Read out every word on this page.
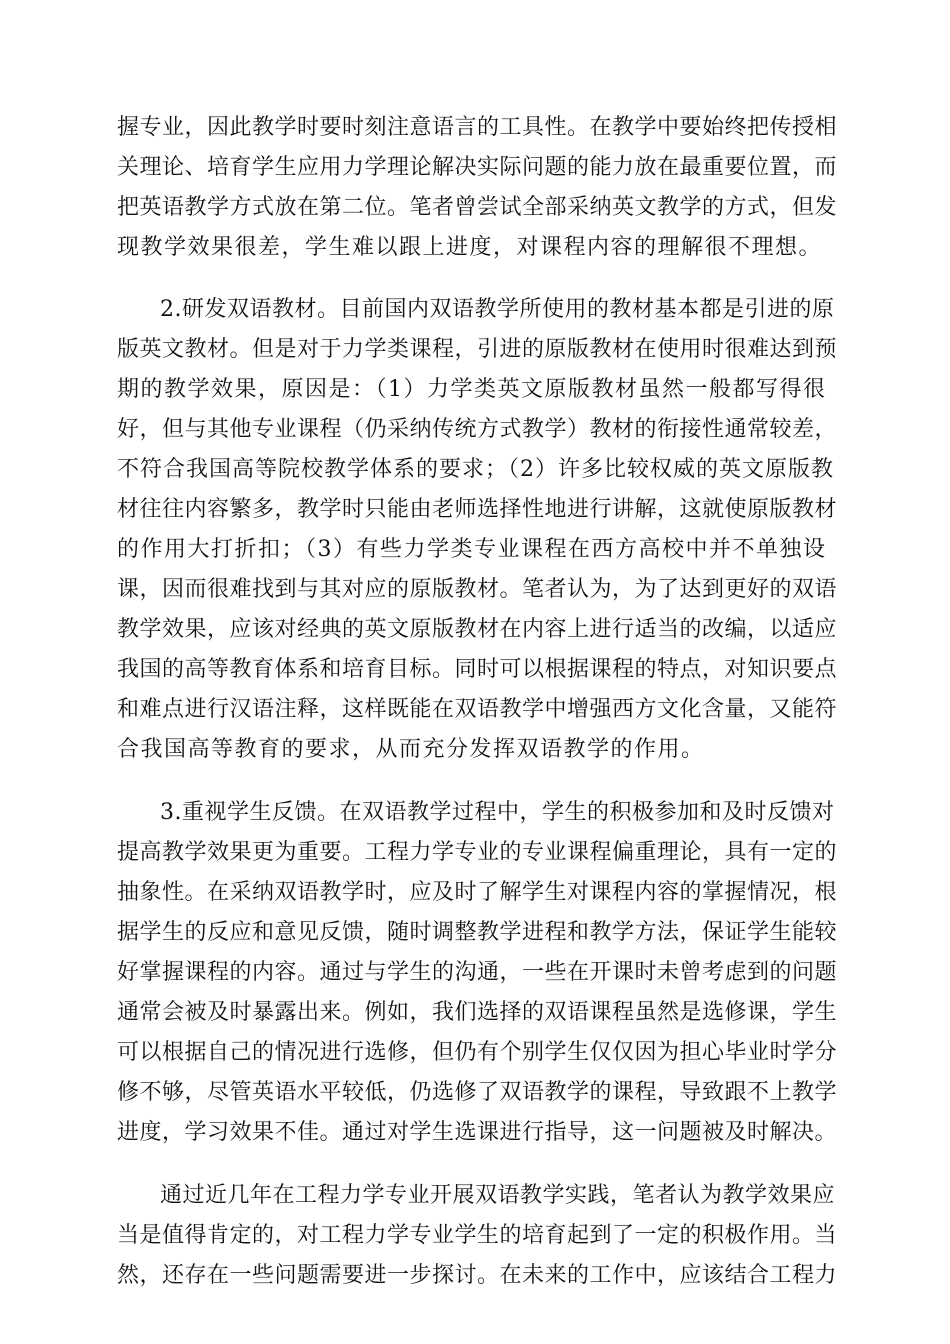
握专业，因此教学时要时刻注意语言的工具性。在教学中要始终把传授相
关理论、培育学生应用力学理论解决实际问题的能力放在最重要位置，而
把英语教学方式放在第二位。笔者曾尝试全部采纳英文教学的方式，但发
现教学效果很差，学生难以跟上进度，对课程内容的理解很不理想。
2.研发双语教材。目前国内双语教学所使用的教材基本都是引进的原
版英文教材。但是对于力学类课程，引进的原版教材在使用时很难达到预
期的教学效果，原因是：（1）力学类英文原版教材虽然一般都写得很
好，但与其他专业课程（仍采纳传统方式教学）教材的衔接性通常较差，
不符合我国高等院校教学体系的要求；（2）许多比较权威的英文原版教
材往往内容繁多，教学时只能由老师选择性地进行讲解，这就使原版教材
的作用大打折扣；（3）有些力学类专业课程在西方高校中并不单独设
课，因而很难找到与其对应的原版教材。笔者认为，为了达到更好的双语
教学效果，应该对经典的英文原版教材在内容上进行适当的改编，以适应
我国的高等教育体系和培育目标。同时可以根据课程的特点，对知识要点
和难点进行汉语注释，这样既能在双语教学中增强西方文化含量，又能符
合我国高等教育的要求，从而充分发挥双语教学的作用。
3.重视学生反馈。在双语教学过程中，学生的积极参加和及时反馈对
提高教学效果更为重要。工程力学专业的专业课程偏重理论，具有一定的
抽象性。在采纳双语教学时，应及时了解学生对课程内容的掌握情况，根
据学生的反应和意见反馈，随时调整教学进程和教学方法，保证学生能较
好掌握课程的内容。通过与学生的沟通，一些在开课时未曾考虑到的问题
通常会被及时暴露出来。例如，我们选择的双语课程虽然是选修课，学生
可以根据自己的情况进行选修，但仍有个别学生仅仅因为担心毕业时学分
修不够，尽管英语水平较低，仍选修了双语教学的课程，导致跟不上教学
进度，学习效果不佳。通过对学生选课进行指导，这一问题被及时解决。
通过近几年在工程力学专业开展双语教学实践，笔者认为教学效果应
当是值得肯定的，对工程力学专业学生的培育起到了一定的积极作用。当
然，还存在一些问题需要进一步探讨。在未来的工作中，应该结合工程力
